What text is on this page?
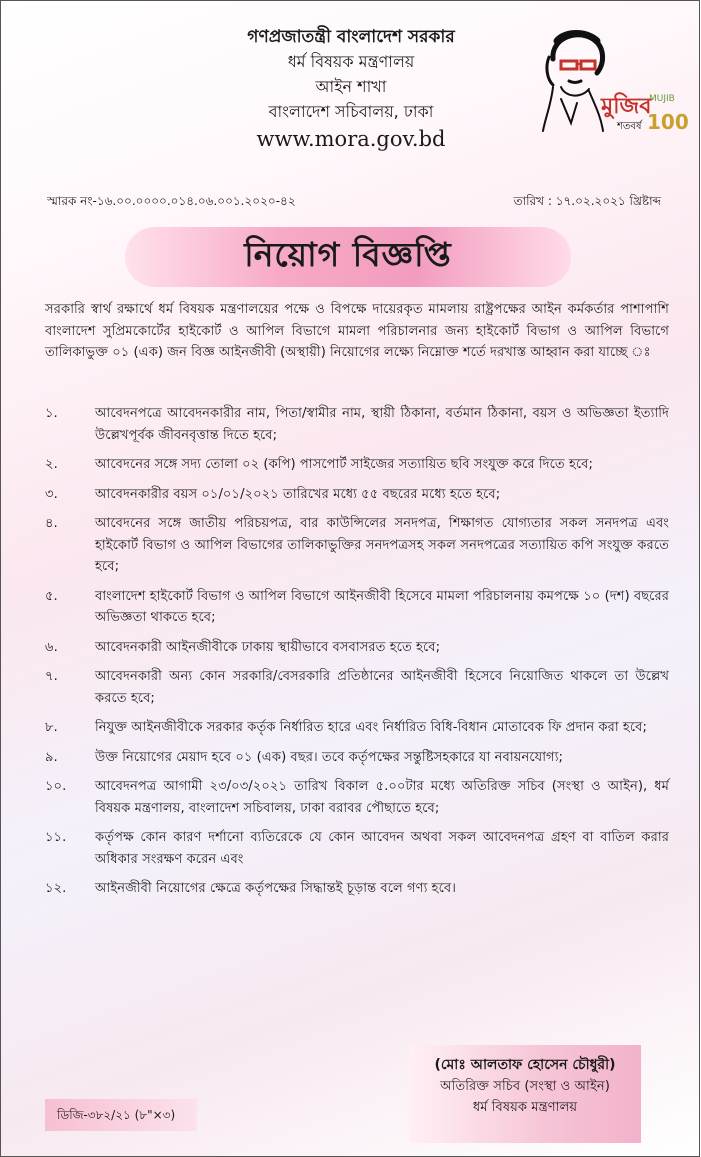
গণপ্রজাতন্ত্রী বাংলাদেশ সরকার
ধর্ম বিষয়ক মন্ত্রণালয়
আইন শাখা
বাংলাদেশ সচিবালয়, ঢাকা
www.mora.gov.bd
মুজিব
শতবর্ষ
MUJIB
100
স্মারক নং-১৬.০০.০০০০.০১৪.০৬.০০১.২০২০-৪২	তারিখ : ১৭.০২.২০২১ খ্রিষ্টাব্দ
নিয়োগ বিজ্ঞপ্তি

সরকারি স্বার্থ রক্ষার্থে ধর্ম বিষয়ক মন্ত্রণালয়ের পক্ষে ও বিপক্ষে দায়েরকৃত মামলায় রাষ্ট্রপক্ষের আইন কর্মকর্তার পাশাপাশি বাংলাদেশ সুপ্রিমকোর্টের হাইকোর্ট ও আপিল বিভাগে মামলা পরিচালনার জন্য হাইকোর্ট বিভাগ ও আপিল বিভাগে তালিকাভুক্ত ০১ (এক) জন বিজ্ঞ আইনজীবী (অস্থায়ী) নিয়োগের লক্ষ্যে নিম্নোক্ত শর্তে দরখাস্ত আহ্বান করা যাচ্ছে ঃ

১.	আবেদনপত্রে আবেদনকারীর নাম, পিতা/স্বামীর নাম, স্থায়ী ঠিকানা, বর্তমান ঠিকানা, বয়স ও অভিজ্ঞতা ইত্যাদি উল্লেখপূর্বক জীবনবৃত্তান্ত দিতে হবে;
২.	আবেদনের সঙ্গে সদ্য তোলা ০২ (কপি) পাসপোর্ট সাইজের সত্যায়িত ছবি সংযুক্ত করে দিতে হবে;
৩.	আবেদনকারীর বয়স ০১/০১/২০২১ তারিখের মধ্যে ৫৫ বছরের মধ্যে হতে হবে;
৪.	আবেদনের সঙ্গে জাতীয় পরিচয়পত্র, বার কাউন্সিলের সনদপত্র, শিক্ষাগত যোগ্যতার সকল সনদপত্র এবং হাইকোর্ট বিভাগ ও আপিল বিভাগের তালিকাভুক্তির সনদপত্রসহ সকল সনদপত্রের সত্যায়িত কপি সংযুক্ত করতে হবে;
৫.	বাংলাদেশ হাইকোর্ট বিভাগ ও আপিল বিভাগে আইনজীবী হিসেবে মামলা পরিচালনায় কমপক্ষে ১০ (দশ) বছরের অভিজ্ঞতা থাকতে হবে;
৬.	আবেদনকারী আইনজীবীকে ঢাকায় স্থায়ীভাবে বসবাসরত হতে হবে;
৭.	আবেদনকারী অন্য কোন সরকারি/বেসরকারি প্রতিষ্ঠানের আইনজীবী হিসেবে নিয়োজিত থাকলে তা উল্লেখ করতে হবে;
৮.	নিযুক্ত আইনজীবীকে সরকার কর্তৃক নির্ধারিত হারে এবং নির্ধারিত বিধি-বিধান মোতাবেক ফি প্রদান করা হবে;
৯.	উক্ত নিয়োগের মেয়াদ হবে ০১ (এক) বছর। তবে কর্তৃপক্ষের সন্তুষ্টিসহকারে যা নবায়নযোগ্য;
১০.	আবেদনপত্র আগামী ২৩/০৩/২০২১ তারিখ বিকাল ৫.০০টার মধ্যে অতিরিক্ত সচিব (সংস্থা ও আইন), ধর্ম বিষয়ক মন্ত্রণালয়, বাংলাদেশ সচিবালয়, ঢাকা বরাবর পৌছাতে হবে;
১১.	কর্তৃপক্ষ কোন কারণ দর্শানো ব্যতিরেকে যে কোন আবেদন অথবা সকল আবেদনপত্র গ্রহণ বা বাতিল করার অধিকার সংরক্ষণ করেন এবং
১২.	আইনজীবী নিয়োগের ক্ষেত্রে কর্তৃপক্ষের সিদ্ধান্তই চূড়ান্ত বলে গণ্য হবে।
(মোঃ আলতাফ হোসেন চৌধুরী)
অতিরিক্ত সচিব (সংস্থা ও আইন)
ধর্ম বিষয়ক মন্ত্রণালয়
ডিজি-৩৮২/২১ (৮"×৩)
